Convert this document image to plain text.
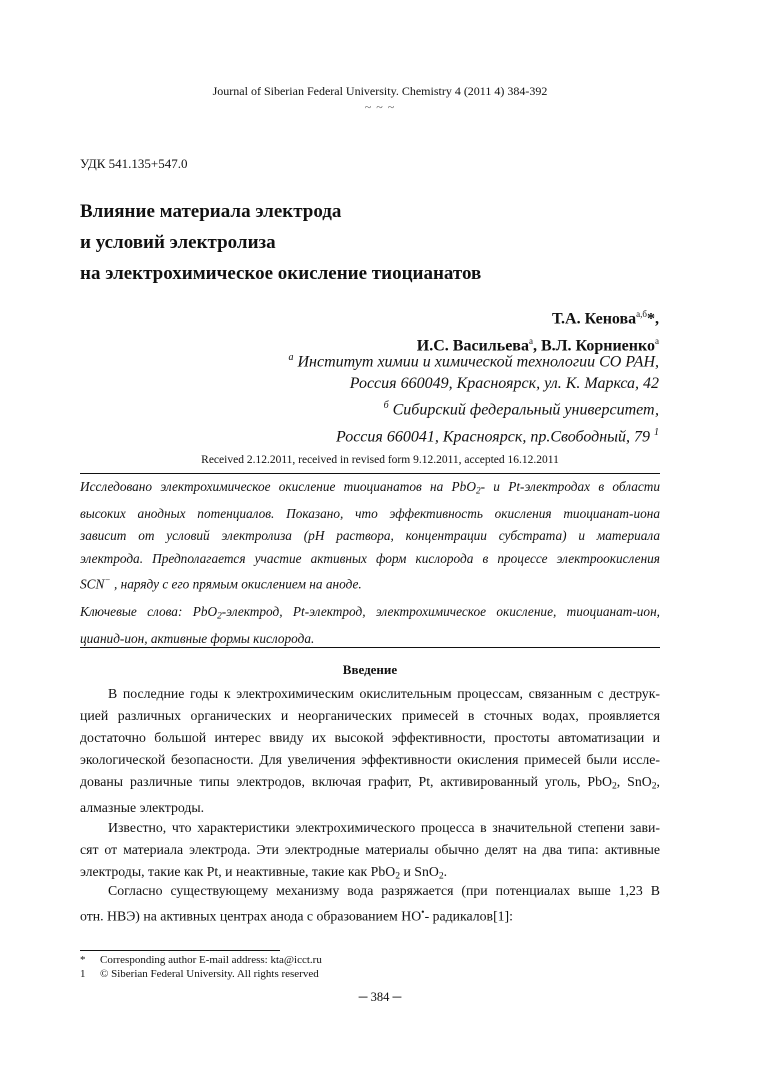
Journal of Siberian Federal University. Chemistry 4 (2011 4) 384-392
~ ~ ~
УДК 541.135+547.0
Влияние материала электрода
и условий электролиза
на электрохимическое окисление тиоцианатов
Т.А. Кенова$^{а,б}$*,
И.С. Васильева$^а$, В.Л. Корниенко$^а$
$^а$ Институт химии и химической технологии СО РАН,
Россия 660049, Красноярск, ул. К. Маркса, 42
$^б$ Сибирский федеральный университет,
Россия 660041, Красноярск, пр.Свободный, 79 $^1$
Received 2.12.2011, received in revised form 9.12.2011, accepted 16.12.2011
Исследовано электрохимическое окисление тиоцианатов на PbO$_2$- и Pt-электродах в области
высоких анодных потенциалов. Показано, что эффективность окисления тиоцианат-иона
зависит от условий электролиза (pH раствора, концентрации субстрата) и материала
электрода. Предполагается участие активных форм кислорода в процессе электроокисления
SCN− , наряду с его прямым окислением на аноде.
Ключевые слова: PbO$_2$-электрод, Pt-электрод, электрохимическое окисление, тиоцианат-ион,
цианид-ион, активные формы кислорода.
Введение
В последние годы к электрохимическим окислительным процессам, связанным с деструк-
цией различных органических и неорганических примесей в сточных водах, проявляется
достаточно большой интерес ввиду их высокой эффективности, простоты автоматизации и
экологической безопасности. Для увеличения эффективности окисления примесей были иссле-
дованы различные типы электродов, включая графит, Pt, активированный уголь, PbO$_2$, SnO$_2$,
алмазные электроды.
Известно, что характеристики электрохимического процесса в значительной степени зави-
сят от материала электрода. Эти электродные материалы обычно делят на два типа: активные
электроды, такие как Pt, и неактивные, такие как PbO$_2$ и SnO$_2$.
Согласно существующему механизму вода разряжается (при потенциалах выше 1,23 В
отн. НВЭ) на активных центрах анода с образованием НО•- радикалов[1]:
* Corresponding author E-mail address: kta@icct.ru
1 © Siberian Federal University. All rights reserved
─ 384 ─
